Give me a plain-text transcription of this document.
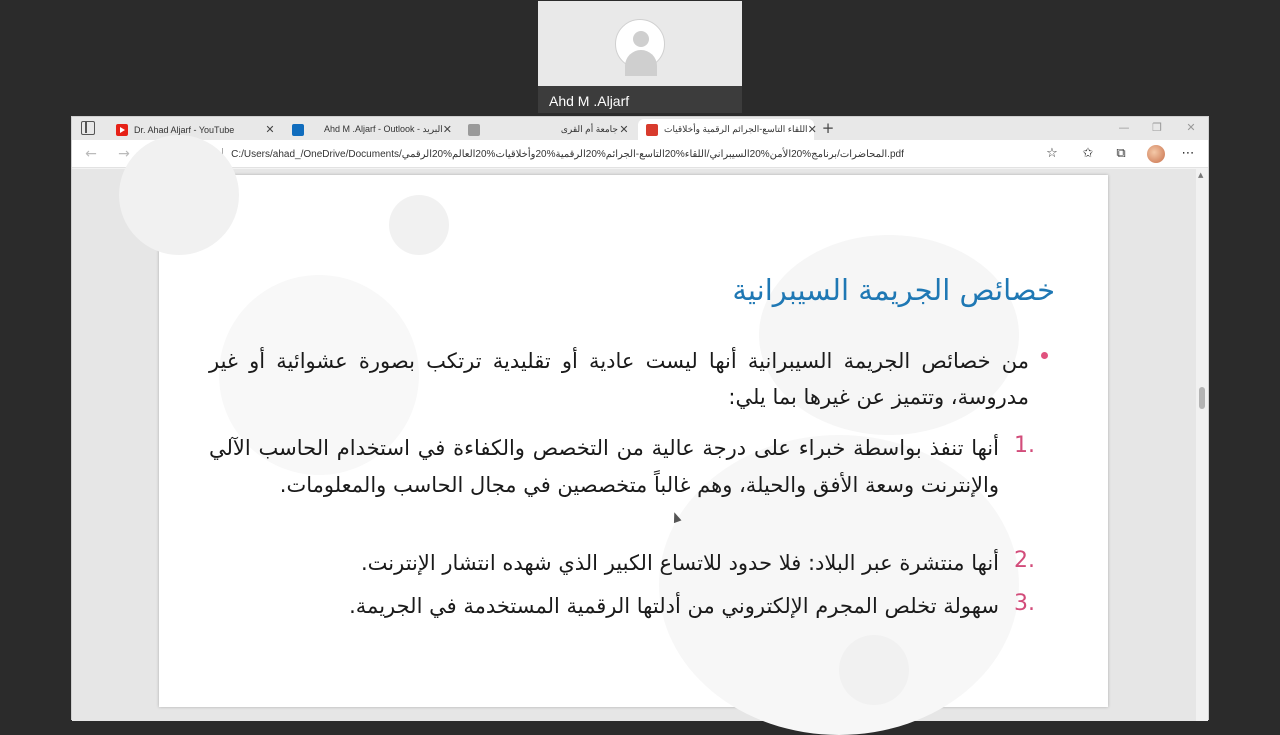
Ahd M .Aljarf
Dr. Ahad Aljarf - YouTube	✕	Ahd M .Aljarf - Outlook - البريد ✕	جامعة أم القرى ✕	اللقاء التاسع-الجرائم الرقمية وأخلاقيات ✕ +	— ❐ ✕
← →	C:/Users/ahad_/OneDrive/Documents/المحاضرات/برنامج%20الأمن%20السيبراني/اللقاء%20التاسع-الجرائم%20الرقمية%20وأخلاقيات%20العالم%20الرقمي.pdf	☆ ✩ ⧉	⋯
خصائص الجريمة السيبرانية
من خصائص الجريمة السيبرانية أنها ليست عادية أو تقليدية ترتكب بصورة عشوائية أو غير مدروسة، وتتميز عن غيرها بما يلي:
1.
أنها تنفذ بواسطة خبراء على درجة عالية من التخصص والكفاءة في استخدام الحاسب الآلي والإنترنت وسعة الأفق والحيلة، وهم غالباً متخصصين في مجال الحاسب والمعلومات.
2.
أنها منتشرة عبر البلاد: فلا حدود للاتساع الكبير الذي شهده انتشار الإنترنت.
3.
سهولة تخلص المجرم الإلكتروني من أدلتها الرقمية المستخدمة في الجريمة.
▲
